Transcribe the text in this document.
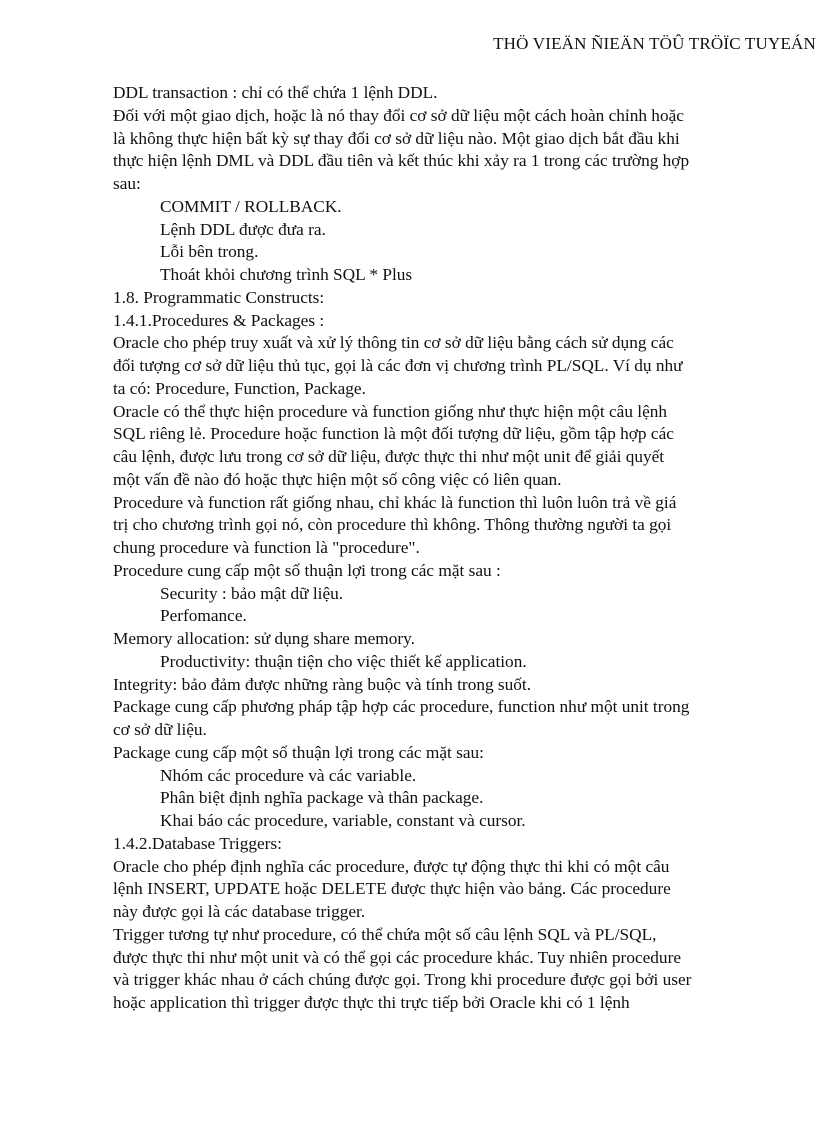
THÖ VIEÄN ÑIEÄN TÖÛ TRÖÏC TUYEÁN

DDL transaction : chỉ có thể chứa 1 lệnh DDL.

Đối với một giao dịch, hoặc là nó thay đổi cơ sở dữ liệu một cách hoàn chỉnh hoặc

là không thực hiện bất kỳ sự thay đổi cơ sở dữ liệu nào. Một giao dịch bắt đầu khi

thực hiện lệnh DML và DDL đầu tiên và kết thúc khi xảy ra 1 trong các trường hợp

sau:

COMMIT / ROLLBACK.

Lệnh DDL được đưa ra.

Lỗi bên trong.

Thoát khỏi chương trình SQL * Plus

1.8. Programmatic Constructs:

1.4.1.Procedures & Packages :

Oracle cho phép truy xuất và xử lý thông tin cơ sở dữ liệu bằng cách sử dụng các

đối tượng cơ sở dữ liệu thủ tục, gọi là các đơn vị chương trình PL/SQL. Ví dụ như

ta có: Procedure, Function, Package.

Oracle có thể thực hiện procedure và function giống như thực hiện một câu lệnh

SQL riêng lẻ. Procedure hoặc function là một đối tượng dữ liệu, gồm tập hợp các

câu lệnh, được lưu trong cơ sở dữ liệu, được thực thi như một unit để giải quyết

một vấn đề nào đó hoặc thực hiện một số công việc có liên quan.

Procedure và function rất giống nhau, chỉ khác là function thì luôn luôn trả về giá

trị cho chương trình gọi nó, còn procedure thì không. Thông thường người ta gọi

chung procedure và function là "procedure".

Procedure cung cấp một số thuận lợi trong các mặt sau :

Security : bảo mật dữ liệu.

Perfomance.

Memory allocation: sử dụng share memory.

Productivity: thuận tiện cho việc thiết kế application.

Integrity: bảo đảm được những ràng buộc và tính trong suốt.

Package cung cấp phương pháp tập hợp các procedure, function như một unit trong

cơ sở dữ liệu.

Package cung cấp một số thuận lợi trong các mặt sau:

Nhóm các procedure và các variable.

Phân biệt định nghĩa package và thân package.

Khai báo các procedure, variable, constant và cursor.

1.4.2.Database Triggers:

Oracle cho phép định nghĩa các procedure, được tự động thực thi khi có một câu

lệnh INSERT, UPDATE hoặc DELETE được thực hiện vào bảng. Các procedure

này được gọi là các database trigger.

Trigger tương tự như procedure, có thể chứa một số câu lệnh SQL và PL/SQL,

được thực thi như một unit và có thể gọi các procedure khác. Tuy nhiên procedure

và trigger khác nhau ở cách chúng được gọi. Trong khi procedure được gọi bởi user

hoặc application thì trigger được thực thi trực tiếp bởi Oracle khi có 1 lệnh
